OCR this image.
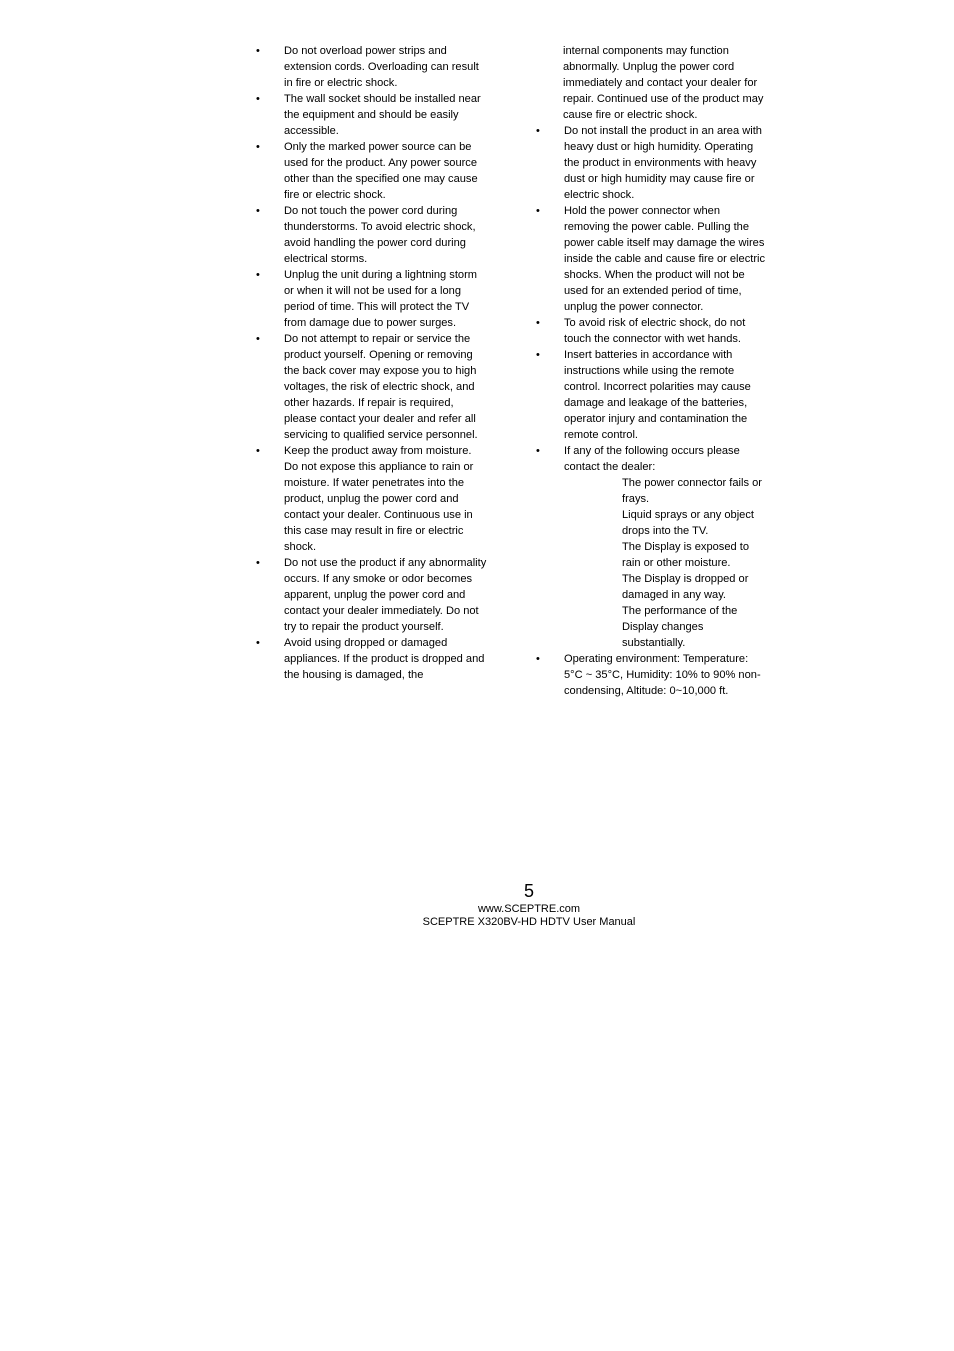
•	Do not overload power strips and extension cords. Overloading can result in fire or electric shock.
•	The wall socket should be installed near the equipment and should be easily accessible.
•	Only the marked power source can be used for the product. Any power source other than the specified one may cause fire or electric shock.
•	Do not touch the power cord during thunderstorms. To avoid electric shock, avoid handling the power cord during electrical storms.
•	Unplug the unit during a lightning storm or when it will not be used for a long period of time. This will protect the TV from damage due to power surges.
•	Do not attempt to repair or service the product yourself. Opening or removing the back cover may expose you to high voltages, the risk of electric shock, and other hazards. If repair is required, please contact your dealer and refer all servicing to qualified service personnel.
•	Keep the product away from moisture. Do not expose this appliance to rain or moisture. If water penetrates into the product, unplug the power cord and contact your dealer. Continuous use in this case may result in fire or electric shock.
•	Do not use the product if any abnormality occurs. If any smoke or odor becomes apparent, unplug the power cord and contact your dealer immediately. Do not try to repair the product yourself.
•	Avoid using dropped or damaged appliances. If the product is dropped and the housing is damaged, the
internal components may function abnormally. Unplug the power cord immediately and contact your dealer for repair. Continued use of the product may cause fire or electric shock.
•	Do not install the product in an area with heavy dust or high humidity. Operating the product in environments with heavy dust or high humidity may cause fire or electric shock.
•	Hold the power connector when removing the power cable. Pulling the power cable itself may damage the wires inside the cable and cause fire or electric shocks. When the product will not be used for an extended period of time, unplug the power connector.
•	To avoid risk of electric shock, do not touch the connector with wet hands.
•	Insert batteries in accordance with instructions while using the remote control. Incorrect polarities may cause damage and leakage of the batteries, operator injury and contamination the remote control.
•	If any of the following occurs please contact the dealer:
The power connector fails or frays.
Liquid sprays or any object drops into the TV.
The Display is exposed to rain or other moisture.
The Display is dropped or damaged in any way.
The performance of the Display changes substantially.
•	Operating environment: Temperature: 5°C ~ 35°C, Humidity: 10% to 90% non-condensing, Altitude: 0~10,000 ft.
5
www.SCEPTRE.com
SCEPTRE X320BV-HD HDTV User Manual
